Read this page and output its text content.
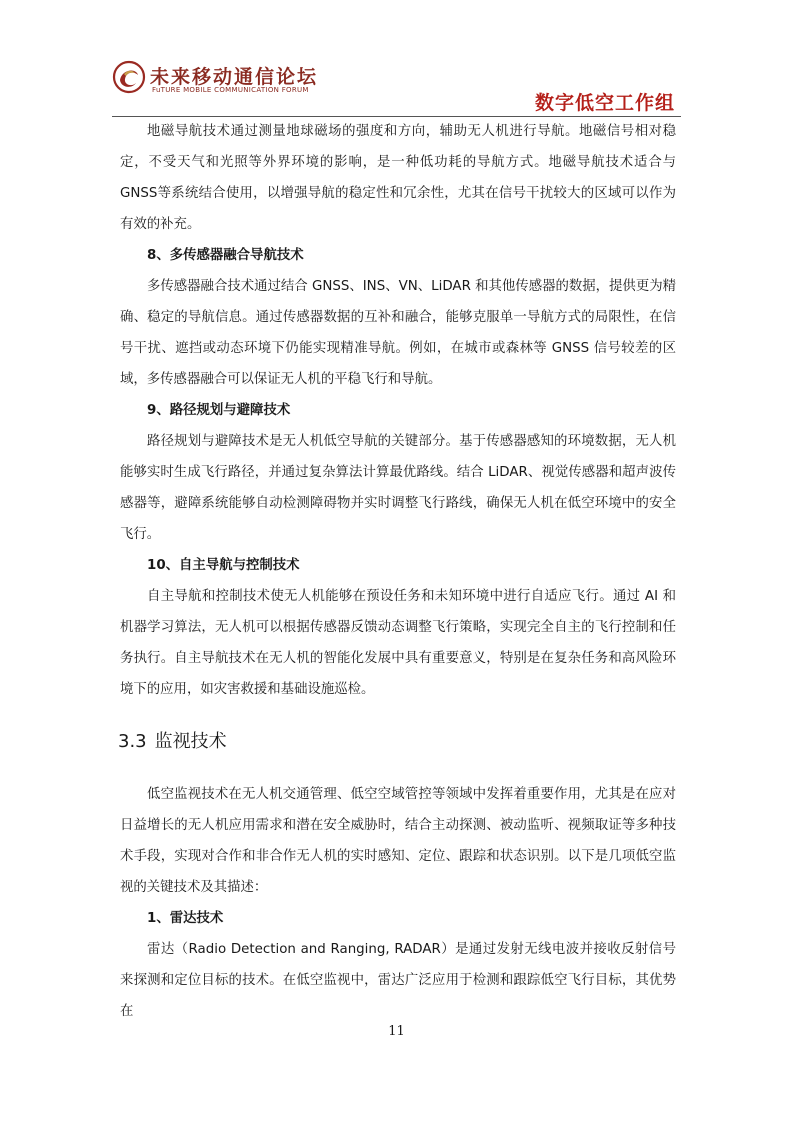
未来移动通信论坛
FuTURE MOBILE COMMUNICATION FORUM
数字低空工作组

地磁导航技术通过测量地球磁场的强度和方向，辅助无人机进行导航。地磁信号相对稳定，不受天气和光照等外界环境的影响，是一种低功耗的导航方式。地磁导航技术适合与GNSS等系统结合使用，以增强导航的稳定性和冗余性，尤其在信号干扰较大的区域可以作为有效的补充。

8、多传感器融合导航技术

多传感器融合技术通过结合 GNSS、INS、VN、LiDAR 和其他传感器的数据，提供更为精确、稳定的导航信息。通过传感器数据的互补和融合，能够克服单一导航方式的局限性，在信号干扰、遮挡或动态环境下仍能实现精准导航。例如，在城市或森林等 GNSS 信号较差的区域，多传感器融合可以保证无人机的平稳飞行和导航。

9、路径规划与避障技术

路径规划与避障技术是无人机低空导航的关键部分。基于传感器感知的环境数据，无人机能够实时生成飞行路径，并通过复杂算法计算最优路线。结合 LiDAR、视觉传感器和超声波传感器等，避障系统能够自动检测障碍物并实时调整飞行路线，确保无人机在低空环境中的安全飞行。

10、自主导航与控制技术

自主导航和控制技术使无人机能够在预设任务和未知环境中进行自适应飞行。通过 AI 和机器学习算法，无人机可以根据传感器反馈动态调整飞行策略，实现完全自主的飞行控制和任务执行。自主导航技术在无人机的智能化发展中具有重要意义，特别是在复杂任务和高风险环境下的应用，如灾害救援和基础设施巡检。

3.3 监视技术

低空监视技术在无人机交通管理、低空空域管控等领域中发挥着重要作用，尤其是在应对日益增长的无人机应用需求和潜在安全威胁时，结合主动探测、被动监听、视频取证等多种技术手段，实现对合作和非合作无人机的实时感知、定位、跟踪和状态识别。以下是几项低空监视的关键技术及其描述：

1、雷达技术

雷达（Radio Detection and Ranging, RADAR）是通过发射无线电波并接收反射信号来探测和定位目标的技术。在低空监视中，雷达广泛应用于检测和跟踪低空飞行目标，其优势在

11
